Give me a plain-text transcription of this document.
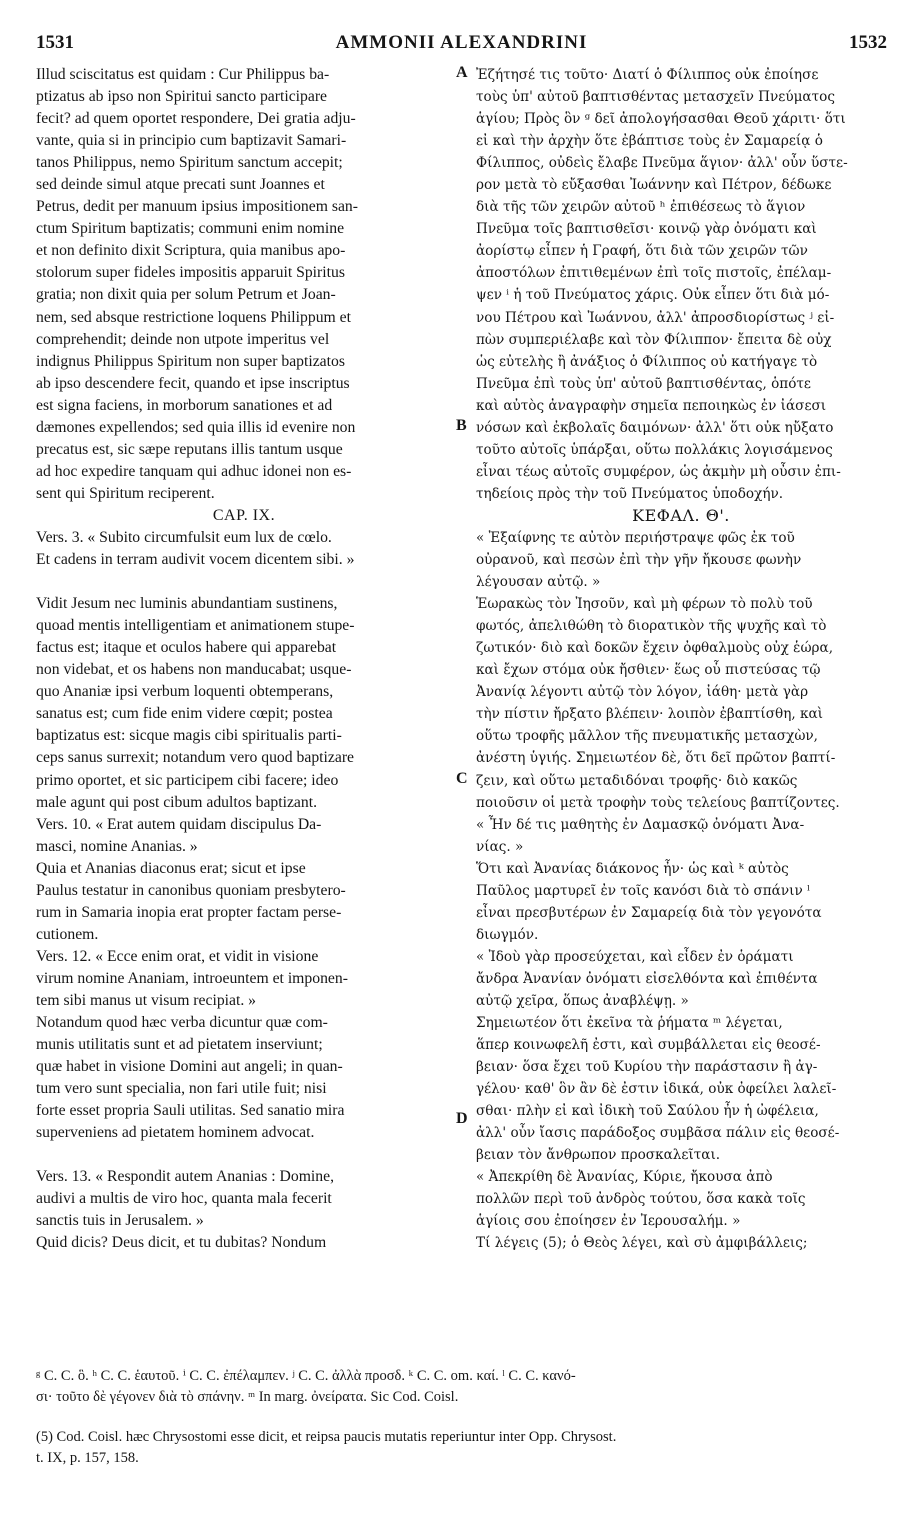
1531	AMMONII ALEXANDRINI	1532
Illud sciscitatus est quidam : Cur Philippus ba-
ptizatus ab ipso non Spiritui sancto participare
fecit? ad quem oportet respondere, Dei gratia adju-
vante, quia si in principio cum baptizavit Samari-
tanos Philippus, nemo Spiritum sanctum accepit;
sed deinde simul atque precati sunt Joannes et
Petrus, dedit per manuum ipsius impositionem san-
ctum Spiritum baptizatis; communi enim nomine
et non definito dixit Scriptura, quia manibus apo-
stolorum super fideles impositis apparuit Spiritus
gratia; non dixit quia per solum Petrum et Joan-
nem, sed absque restrictione loquens Philippum et
comprehendit; deinde non utpote imperitus vel
indignus Philippus Spiritum non super baptizatos
ab ipso descendere fecit, quando et ipse inscriptus
est signa faciens, in morborum sanationes et ad
dæmones expellendos; sed quia illis id evenire non
precatus est, sic sæpe reputans illis tantum usque
ad hoc expedire tanquam qui adhuc idonei non es-
sent qui Spiritum reciperent.
CAP. IX.
Vers. 3. « Subito circumfulsit eum lux de cœlo.
Et cadens in terram audivit vocem dicentem sibi. »
Vidit Jesum nec luminis abundantiam sustinens,
quoad mentis intelligentiam et animationem stupe-
factus est; itaque et oculos habere qui apparebat
non videbat, et os habens non manducabat; usque-
quo Ananiæ ipsi verbum loquenti obtemperans,
sanatus est; cum fide enim videre cœpit; postea
baptizatus est: sicque magis cibi spiritualis parti-
ceps sanus surrexit; notandum vero quod baptizare
primo oportet, et sic participem cibi facere; ideo
male agunt qui post cibum adultos baptizant.
Vers. 10. « Erat autem quidam discipulus Da-
masci, nomine Ananias. »
Quia et Ananias diaconus erat; sicut et ipse
Paulus testatur in canonibus quoniam presbytero-
rum in Samaria inopia erat propter factam perse-
cutionem.
Vers. 12. « Ecce enim orat, et vidit in visione
virum nomine Ananiam, introeuntem et imponen-
tem sibi manus ut visum recipiat. »
Notandum quod hæc verba dicuntur quæ com-
munis utilitatis sunt et ad pietatem inserviunt;
quæ habet in visione Domini aut angeli; in quan-
tum vero sunt specialia, non fari utile fuit; nisi
forte esset propria Sauli utilitas. Sed sanatio mira
superveniens ad pietatem hominem advocat.
Vers. 13. « Respondit autem Ananias : Domine,
audivi a multis de viro hoc, quanta mala fecerit
sanctis tuis in Jerusalem. »
Quid dicis? Deus dicit, et tu dubitas? Nondum
Ἐζήτησέ τις τοῦτο· Διατί ὁ Φίλιππος οὐκ ἐποίησε
τοὺς ὑπ' αὐτοῦ βαπτισθέντας μετασχεῖν Πνεύματος
ἁγίου; Πρὸς ὃν ᵍ δεῖ ἀπολογήσασθαι Θεοῦ χάριτι· ὅτι
εἰ καὶ τὴν ἀρχὴν ὅτε ἐβάπτισε τοὺς ἐν Σαμαρείᾳ ὁ
Φίλιππος, οὐδεὶς ἔλαβε Πνεῦμα ἅγιον· ἀλλ' οὖν ὕστε-
ρον μετὰ τὸ εὔξασθαι Ἰωάννην καὶ Πέτρον, δέδωκε
διὰ τῆς τῶν χειρῶν αὐτοῦ ʰ ἐπιθέσεως τὸ ἅγιον
Πνεῦμα τοῖς βαπτισθεῖσι· κοινῷ γὰρ ὀνόματι καὶ
ἀορίστῳ εἶπεν ἡ Γραφή, ὅτι διὰ τῶν χειρῶν τῶν
ἀποστόλων ἐπιτιθεμένων ἐπὶ τοῖς πιστοῖς, ἐπέλαμ-
ψεν ⁱ ἡ τοῦ Πνεύματος χάρις. Οὐκ εἶπεν ὅτι διὰ μό-
νου Πέτρου καὶ Ἰωάννου, ἀλλ' ἀπροσδιορίστως ʲ εἰ-
πὼν συμπεριέλαβε καὶ τὸν Φίλιππον· ἔπειτα δὲ οὐχ
ὡς εὐτελὴς ἢ ἀνάξιος ὁ Φίλιππος οὐ κατήγαγε τὸ
Πνεῦμα ἐπὶ τοὺς ὑπ' αὐτοῦ βαπτισθέντας, ὁπότε
καὶ αὐτὸς ἀναγραφὴν σημεῖα πεποιηκὼς ἐν ἰάσεσι
νόσων καὶ ἐκβολαῖς δαιμόνων· ἀλλ' ὅτι οὐκ ηὔξατο
τοῦτο αὐτοῖς ὑπάρξαι, οὕτω πολλάκις λογισάμενος
εἶναι τέως αὐτοῖς συμφέρον, ὡς ἀκμὴν μὴ οὖσιν ἐπι-
τηδείοις πρὸς τὴν τοῦ Πνεύματος ὑποδοχήν.
ΚΕΦΑΛ. Θ'.
« Ἐξαίφνης τε αὐτὸν περιήστραψε φῶς ἐκ τοῦ
οὐρανοῦ, καὶ πεσὼν ἐπὶ τὴν γῆν ἤκουσε φωνὴν
λέγουσαν αὐτῷ. »
Ἑωρακὼς τὸν Ἰησοῦν, καὶ μὴ φέρων τὸ πολὺ τοῦ
φωτός, ἀπελιθώθη τὸ διορατικὸν τῆς ψυχῆς καὶ τὸ
ζωτικόν· διὸ καὶ δοκῶν ἔχειν ὀφθαλμοὺς οὐχ ἑώρα,
καὶ ἔχων στόμα οὐκ ἤσθιεν· ἕως οὗ πιστεύσας τῷ
Ἀνανίᾳ λέγοντι αὐτῷ τὸν λόγον, ἰάθη· μετὰ γὰρ
τὴν πίστιν ἤρξατο βλέπειν· λοιπὸν ἐβαπτίσθη, καὶ
οὕτω τροφῆς μᾶλλον τῆς πνευματικῆς μετασχὼν,
ἀνέστη ὑγιής. Σημειωτέον δὲ, ὅτι δεῖ πρῶτον βαπτί-
ζειν, καὶ οὕτω μεταδιδόναι τροφῆς· διὸ κακῶς
ποιοῦσιν οἱ μετὰ τροφὴν τοὺς τελείους βαπτίζοντες.
« Ἦν δέ τις μαθητὴς ἐν Δαμασκῷ ὀνόματι Ἀνα-
νίας. »
Ὅτι καὶ Ἀνανίας διάκονος ἦν· ὡς καὶ ᵏ αὐτὸς
Παῦλος μαρτυρεῖ ἐν τοῖς κανόσι διὰ τὸ σπάνιν ˡ
εἶναι πρεσβυτέρων ἐν Σαμαρείᾳ διὰ τὸν γεγονότα
διωγμόν.
« Ἰδοὺ γὰρ προσεύχεται, καὶ εἶδεν ἐν ὁράματι
ἄνδρα Ἀνανίαν ὀνόματι εἰσελθόντα καὶ ἐπιθέντα
αὐτῷ χεῖρα, ὅπως ἀναβλέψῃ. »
Σημειωτέον ὅτι ἐκεῖνα τὰ ῥήματα ᵐ λέγεται,
ἅπερ κοινωφελῆ ἐστι, καὶ συμβάλλεται εἰς θεοσέ-
βειαν· ὅσα ἔχει τοῦ Κυρίου τὴν παράστασιν ἢ ἀγ-
γέλου· καθ' ὃν ἂν δὲ ἐστιν ἰδικά, οὐκ ὀφείλει λαλεῖ-
σθαι· πλὴν εἰ καὶ ἰδικὴ τοῦ Σαύλου ἦν ἡ ὠφέλεια,
ἀλλ' οὖν ἴασις παράδοξος συμβᾶσα πάλιν εἰς θεοσέ-
βειαν τὸν ἄνθρωπον προσκαλεῖται.
« Ἀπεκρίθη δὲ Ἀνανίας, Κύριε, ἤκουσα ἀπὸ
πολλῶν περὶ τοῦ ἀνδρὸς τούτου, ὅσα κακὰ τοῖς
ἁγίοις σου ἐποίησεν ἐν Ἰερουσαλήμ. »
Τί λέγεις (5); ὁ Θεὸς λέγει, καὶ σὺ ἀμφιβάλλεις;
A
B
C
D
ᵍ C. C. ὃ. ʰ C. C. ἑαυτοῦ. ⁱ C. C. ἐπέλαμπεν. ʲ C. C. ἀλλὰ προσδ. ᵏ C. C. om. καί. ˡ C. C. κανό-
σι· τοῦτο δὲ γέγονεν διὰ τὸ σπάνην. ᵐ In marg. ὀνείρατα. Sic Cod. Coisl.
(5) Cod. Coisl. hæc Chrysostomi esse dicit, et reipsa paucis mutatis reperiuntur inter Opp. Chrysost.
t. IX, p. 157, 158.
